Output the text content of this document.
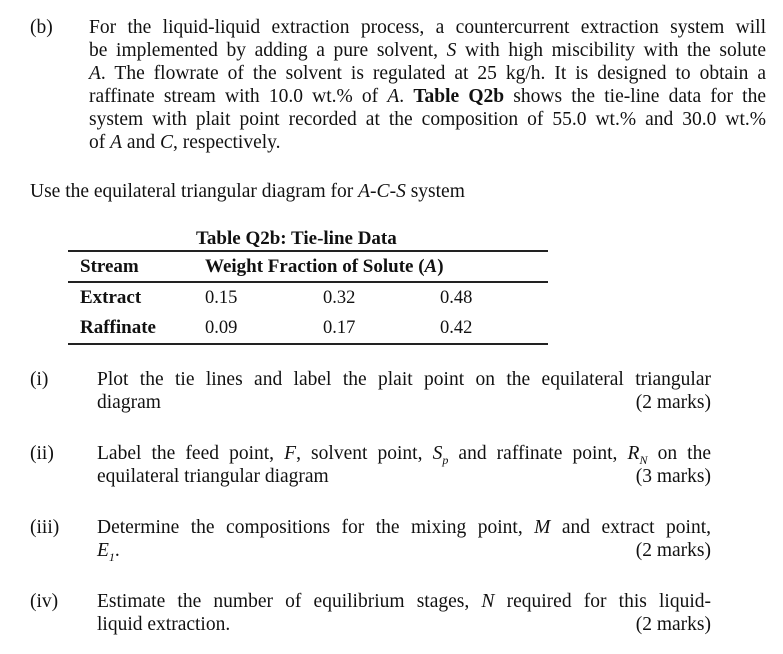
(b) For the liquid-liquid extraction process, a countercurrent extraction system will
be implemented by adding a pure solvent, S with high miscibility with the solute
A. The flowrate of the solvent is regulated at 25 kg/h. It is designed to obtain a
raffinate stream with 10.0 wt.% of A. Table Q2b shows the tie-line data for the
system with plait point recorded at the composition of 55.0 wt.% and 30.0 wt.%
of A and C, respectively.
Use the equilateral triangular diagram for A-C-S system
Table Q2b: Tie-line Data
Stream	Weight Fraction of Solute (A)
Extract	0.15	0.32	0.48
Raffinate	0.09	0.17	0.42
(i) Plot the tie lines and label the plait point on the equilateral triangular
diagram	(2 marks)
(ii) Label the feed point, F, solvent point, $S_p$ and raffinate point, $R_N$ on the
equilateral triangular diagram	(3 marks)
(iii) Determine the compositions for the mixing point, M and extract point,
$E_1$.	(2 marks)
(iv) Estimate the number of equilibrium stages, N required for this liquid-
liquid extraction.	(2 marks)
